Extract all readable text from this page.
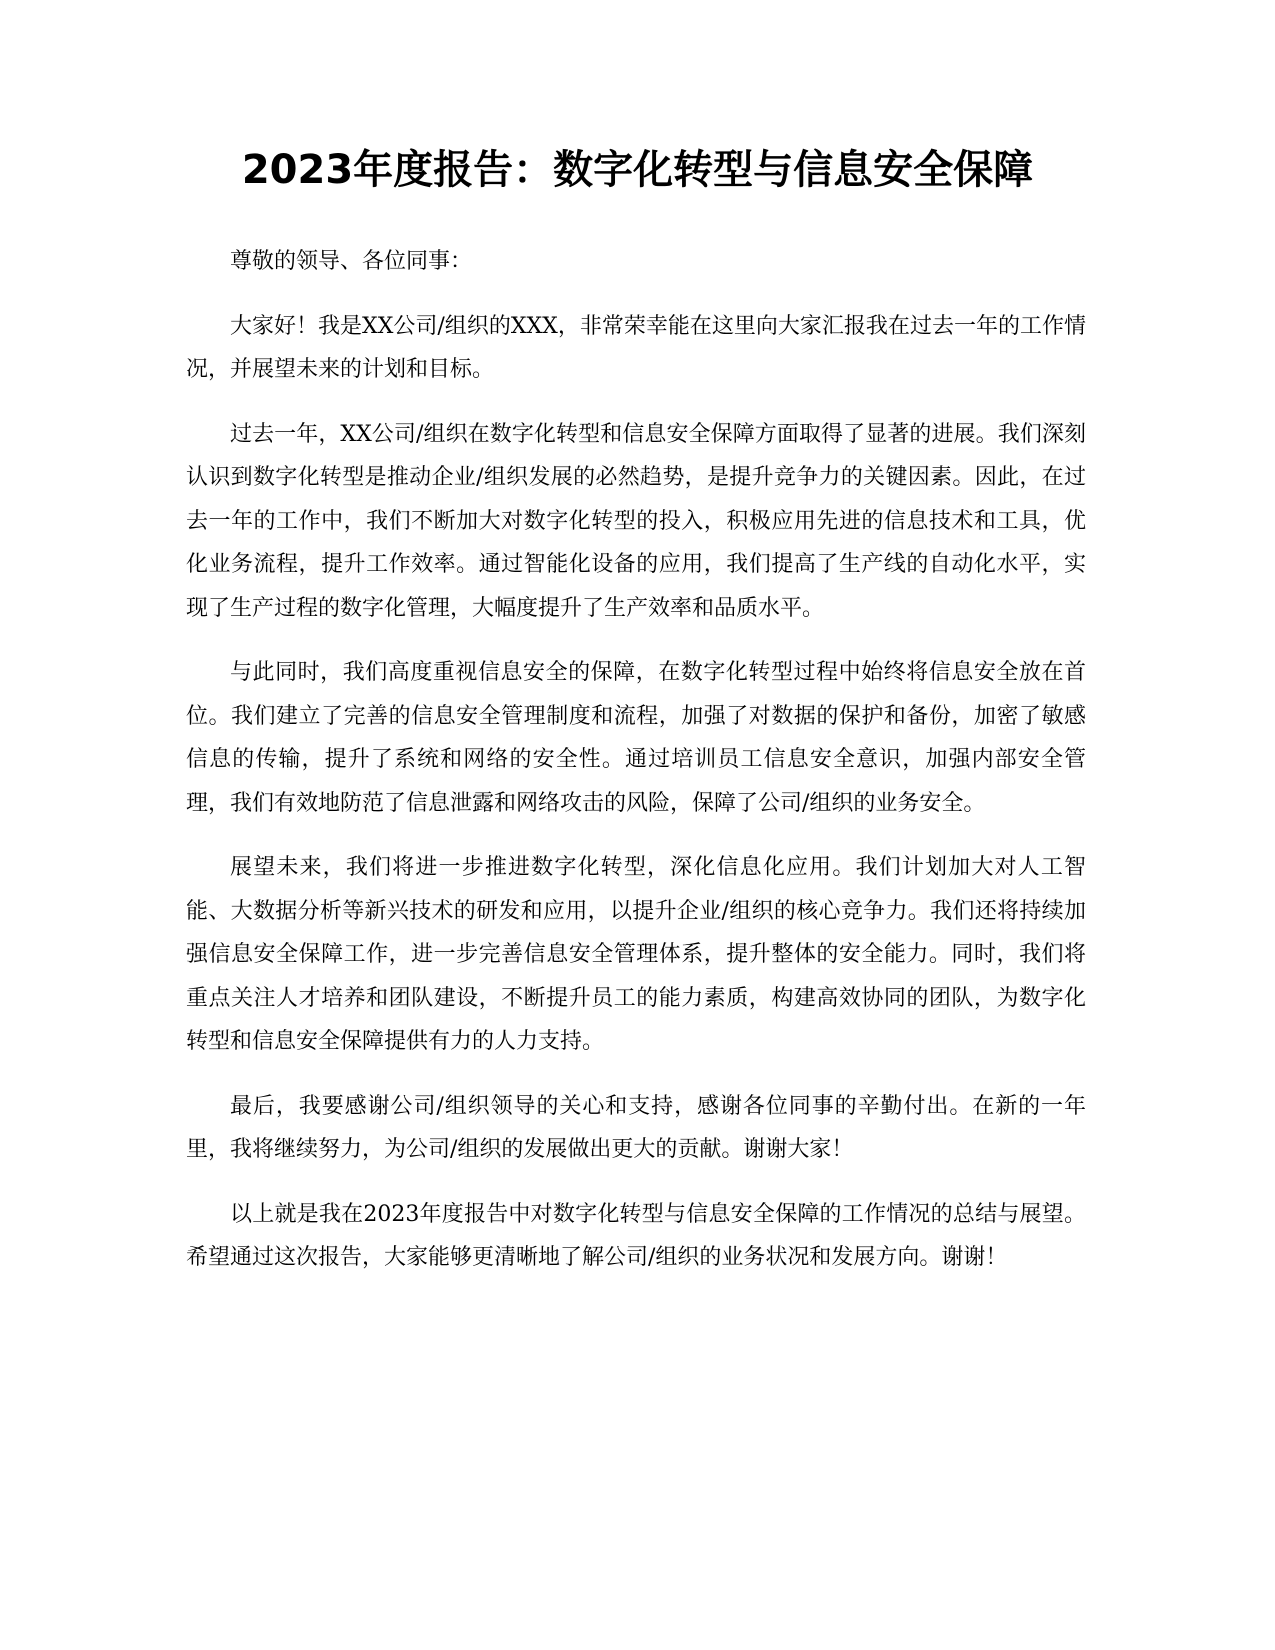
2023年度报告：数字化转型与信息安全保障

尊敬的领导、各位同事：

大家好！我是XX公司/组织的XXX，非常荣幸能在这里向大家汇报我在过去一年的工作情况，并展望未来的计划和目标。

过去一年，XX公司/组织在数字化转型和信息安全保障方面取得了显著的进展。我们深刻认识到数字化转型是推动企业/组织发展的必然趋势，是提升竞争力的关键因素。因此，在过去一年的工作中，我们不断加大对数字化转型的投入，积极应用先进的信息技术和工具，优化业务流程，提升工作效率。通过智能化设备的应用，我们提高了生产线的自动化水平，实现了生产过程的数字化管理，大幅度提升了生产效率和品质水平。

与此同时，我们高度重视信息安全的保障，在数字化转型过程中始终将信息安全放在首位。我们建立了完善的信息安全管理制度和流程，加强了对数据的保护和备份，加密了敏感信息的传输，提升了系统和网络的安全性。通过培训员工信息安全意识，加强内部安全管理，我们有效地防范了信息泄露和网络攻击的风险，保障了公司/组织的业务安全。

展望未来，我们将进一步推进数字化转型，深化信息化应用。我们计划加大对人工智能、大数据分析等新兴技术的研发和应用，以提升企业/组织的核心竞争力。我们还将持续加强信息安全保障工作，进一步完善信息安全管理体系，提升整体的安全能力。同时，我们将重点关注人才培养和团队建设，不断提升员工的能力素质，构建高效协同的团队，为数字化转型和信息安全保障提供有力的人力支持。

最后，我要感谢公司/组织领导的关心和支持，感谢各位同事的辛勤付出。在新的一年里，我将继续努力，为公司/组织的发展做出更大的贡献。谢谢大家！

以上就是我在2023年度报告中对数字化转型与信息安全保障的工作情况的总结与展望。希望通过这次报告，大家能够更清晰地了解公司/组织的业务状况和发展方向。谢谢！
